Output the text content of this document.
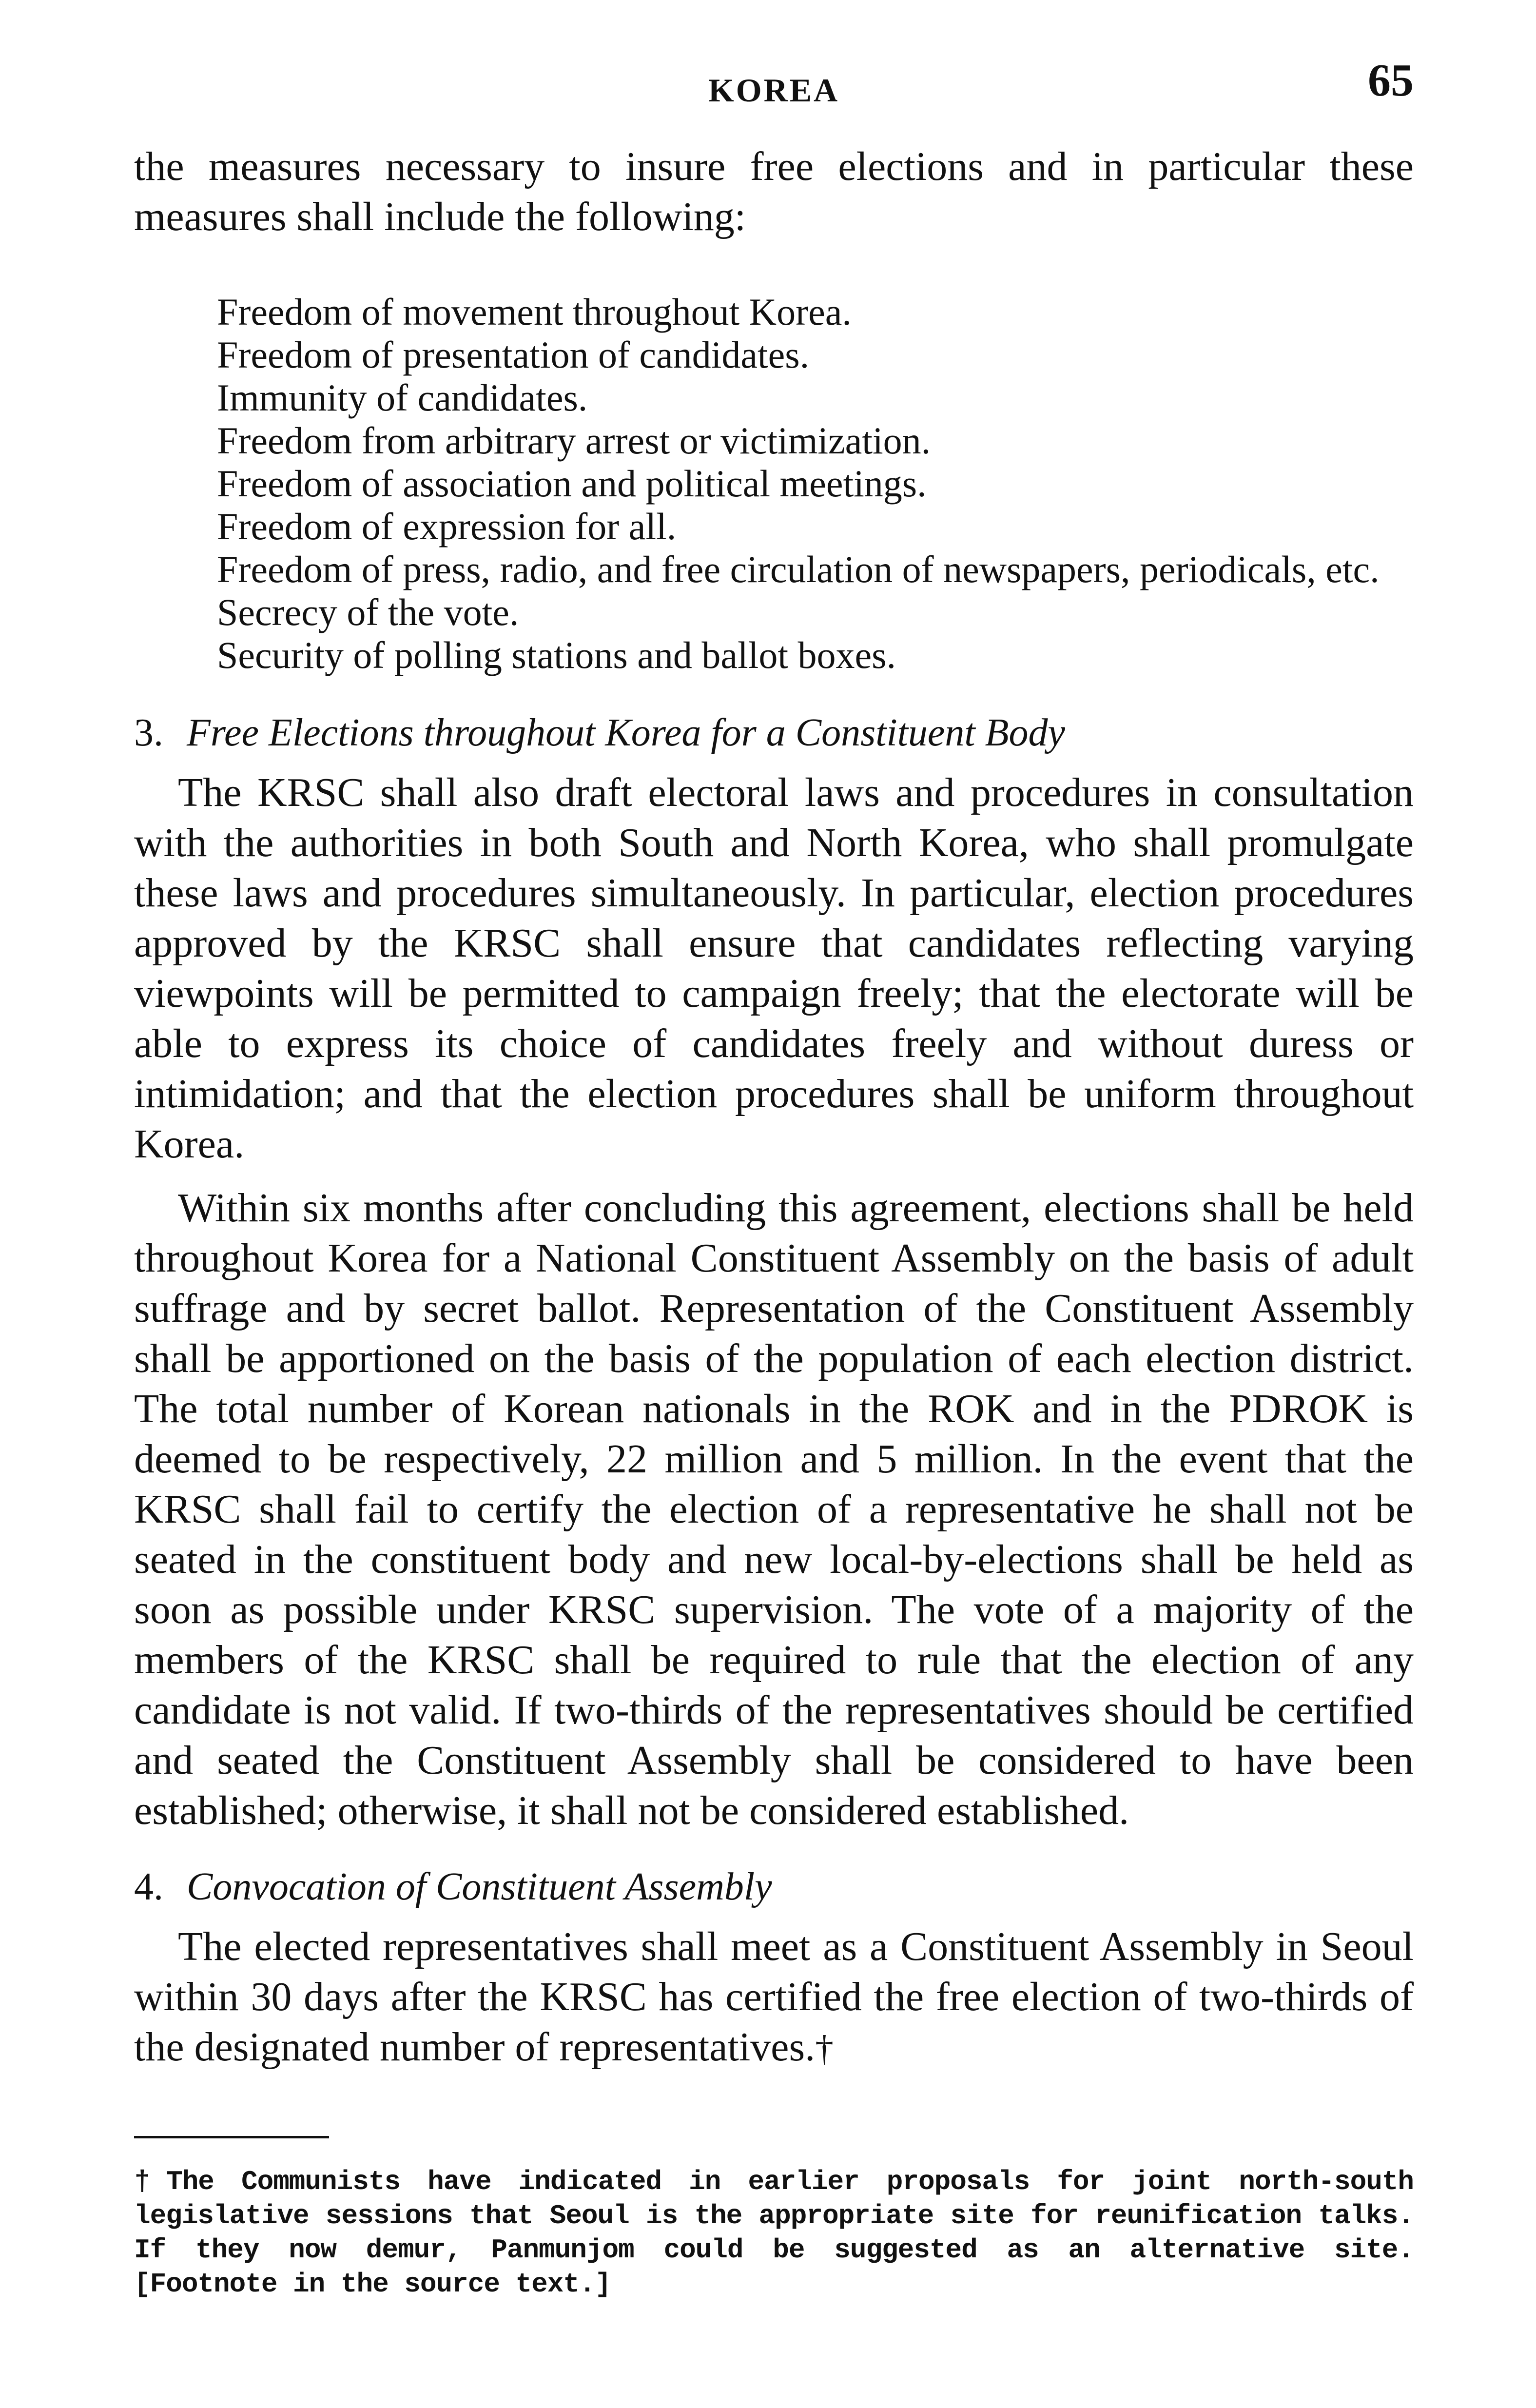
KOREA	65

the measures necessary to insure free elections and in particular these measures shall include the following:

Freedom of movement throughout Korea.

Freedom of presentation of candidates.

Immunity of candidates.

Freedom from arbitrary arrest or victimization.

Freedom of association and political meetings.

Freedom of expression for all.

Freedom of press, radio, and free circulation of newspapers, periodicals, etc.

Secrecy of the vote.

Security of polling stations and ballot boxes.

3. Free Elections throughout Korea for a Constituent Body

The KRSC shall also draft electoral laws and procedures in consultation with the authorities in both South and North Korea, who shall promulgate these laws and procedures simultaneously. In particular, election procedures approved by the KRSC shall ensure that candidates reflecting varying viewpoints will be permitted to campaign freely; that the electorate will be able to express its choice of candidates freely and without duress or intimidation; and that the election procedures shall be uniform throughout Korea.

Within six months after concluding this agreement, elections shall be held throughout Korea for a National Constituent Assembly on the basis of adult suffrage and by secret ballot. Representation of the Constituent Assembly shall be apportioned on the basis of the population of each election district. The total number of Korean nationals in the ROK and in the PDROK is deemed to be respectively, 22 million and 5 million. In the event that the KRSC shall fail to certify the election of a representative he shall not be seated in the constituent body and new local-by-elections shall be held as soon as possible under KRSC supervision. The vote of a majority of the members of the KRSC shall be required to rule that the election of any candidate is not valid. If two-thirds of the representatives should be certified and seated the Constituent Assembly shall be considered to have been established; otherwise, it shall not be considered established.

4. Convocation of Constituent Assembly

The elected representatives shall meet as a Constituent Assembly in Seoul within 30 days after the KRSC has certified the free election of two-thirds of the designated number of representatives.†

† The Communists have indicated in earlier proposals for joint north-south legislative sessions that Seoul is the appropriate site for reunification talks. If they now demur, Panmunjom could be suggested as an alternative site. [Footnote in the source text.]
